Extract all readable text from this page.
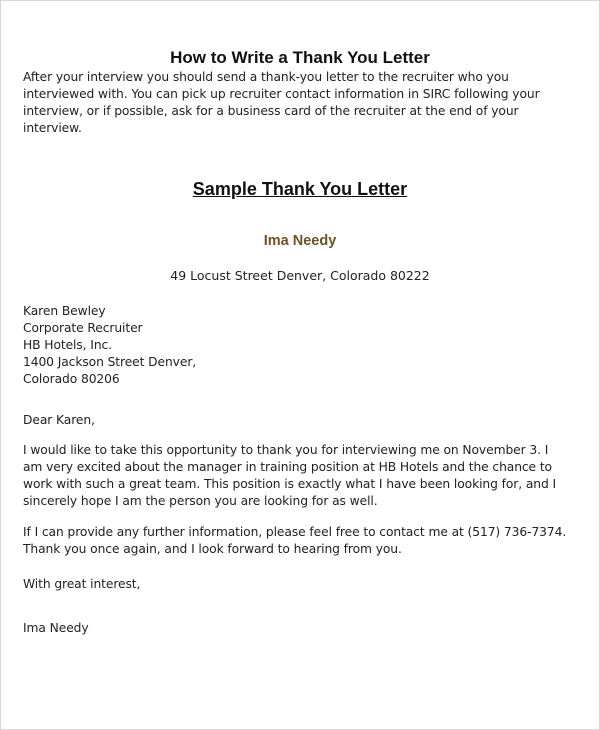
How to Write a Thank You Letter
After your interview you should send a thank-you letter to the recruiter who you
interviewed with. You can pick up recruiter contact information in SIRC following your
interview, or if possible, ask for a business card of the recruiter at the end of your
interview.
Sample Thank You Letter
Ima Needy
49 Locust Street Denver, Colorado 80222
Karen Bewley
Corporate Recruiter
HB Hotels, Inc.
1400 Jackson Street Denver,
Colorado 80206
Dear Karen,
I would like to take this opportunity to thank you for interviewing me on November 3. I
am very excited about the manager in training position at HB Hotels and the chance to
work with such a great team. This position is exactly what I have been looking for, and I
sincerely hope I am the person you are looking for as well.
If I can provide any further information, please feel free to contact me at (517) 736-7374.
Thank you once again, and I look forward to hearing from you.
With great interest,
Ima Needy
